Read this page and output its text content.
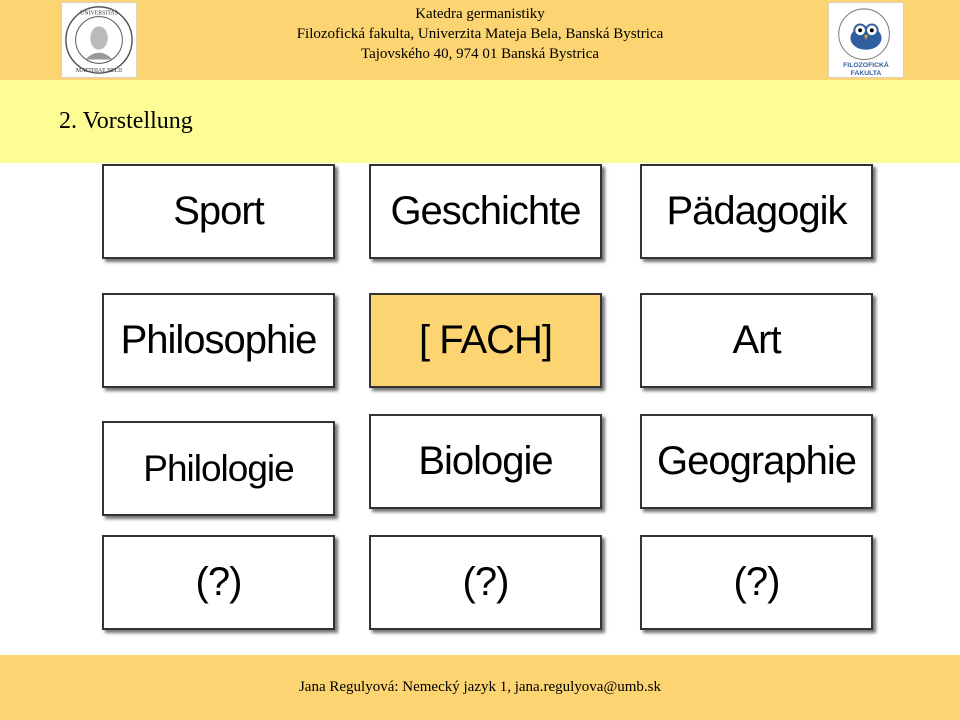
UNIVERSITAS
MATTHIAE BELII
FILOZOFICKÁ
FAKULTA
Katedra germanistiky
Filozofická fakulta, Univerzita Mateja Bela, Banská Bystrica
Tajovského 40, 974 01 Banská Bystrica
2. Vorstellung
Sport	Geschichte Pädagogik
Philosophie	[ FACH]	Art
Philologie	Biologie	Geographie
(?)	(?)	(?)
Jana Regulyová: Nemecký jazyk 1, jana.regulyova@umb.sk
